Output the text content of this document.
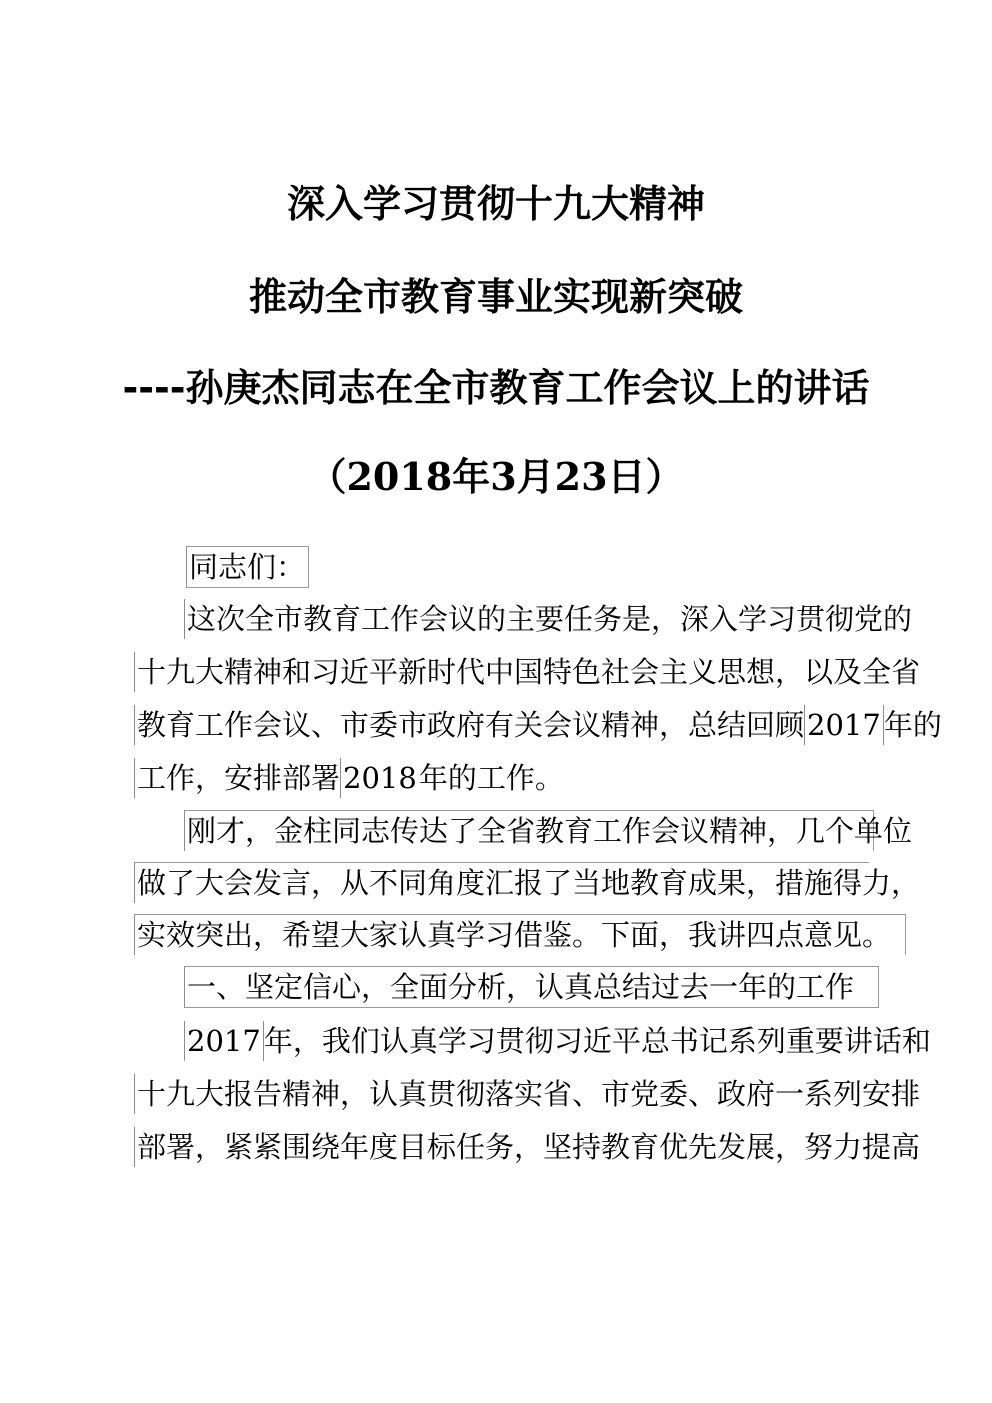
深入学习贯彻十九大精神
推动全市教育事业实现新突破
----孙庚杰同志在全市教育工作会议上的讲话
（2018年3月23日）
同志们：
这次全市教育工作会议的主要任务是，深入学习贯彻党的
十九大精神和习近平新时代中国特色社会主义思想，以及全省
教育工作会议、市委市政府有关会议精神，总结回顾 2017 年的
工作，安排部署 2018年的工作。
刚才，金柱同志传达了全省教育工作会议精神，几个单位
做了大会发言，从不同角度汇报了当地教育成果，措施得力，
实效突出，希望大家认真学习借鉴。下面，我讲四点意见。
一、坚定信心，全面分析，认真总结过去一年的工作
2017 年，我们认真学习贯彻习近平总书记系列重要讲话和
十九大报告精神，认真贯彻落实省、市党委、政府一系列安排
部署，紧紧围绕年度目标任务，坚持教育优先发展，努力提高
